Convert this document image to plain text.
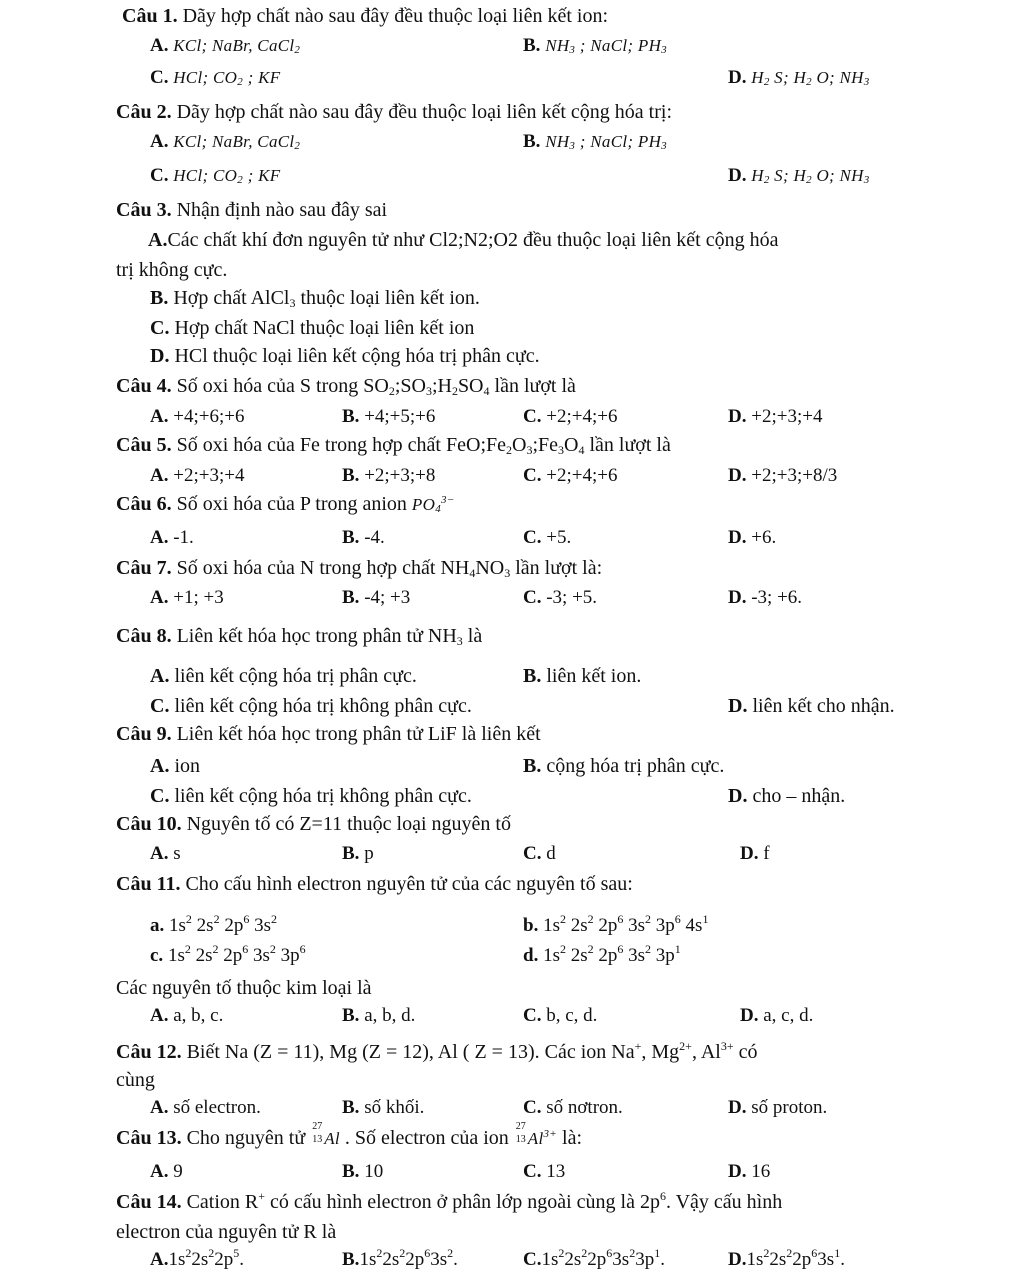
Câu 1. Dãy hợp chất nào sau đây đều thuộc loại liên kết ion:
A. KCl; NaBr, CaCl$_2$	B. $NH_3$ ; NaCl; $PH_3$
C. HCl; $CO_2$ ; KF	D. $H_2$ S; $H_2$ O; $NH_3$
Câu 2. Dãy hợp chất nào sau đây đều thuộc loại liên kết cộng hóa trị:
A. KCl; NaBr, CaCl$_2$	B. $NH_3$ ; NaCl; $PH_3$
C. HCl; $CO_2$ ; KF	D. $H_2$ S; $H_2$ O; $NH_3$
Câu 3. Nhận định nào sau đây sai
A.Các chất khí đơn nguyên tử như Cl2;N2;O2 đều thuộc loại liên kết cộng hóa
trị không cực.
B. Hợp chất AlCl$_3$ thuộc loại liên kết ion.
C. Hợp chất NaCl thuộc loại liên kết ion
D. HCl thuộc loại liên kết cộng hóa trị phân cực.
Câu 4. Số oxi hóa của S trong $SO_2;SO_3;H_2SO_4$ lần lượt là
A. +4;+6;+6	B. +4;+5;+6	C. +2;+4;+6	D. +2;+3;+4
Câu 5. Số oxi hóa của Fe trong hợp chất $FeO;Fe_2O_3;Fe_3O_4$ lần lượt là
A. +2;+3;+4	B. +2;+3;+8	C. +2;+4;+6	D. +2;+3;+8/3
Câu 6. Số oxi hóa của P trong anion $PO_4^{3-}$
A. -1.	B. -4.	C. +5.	D. +6.
Câu 7. Số oxi hóa của N trong hợp chất $NH_4NO_3$ lần lượt là:
A. +1; +3	B. -4; +3	C. -3; +5.	D. -3; +6.
Câu 8. Liên kết hóa học trong phân tử $NH_3$ là
A. liên kết cộng hóa trị phân cực.	B. liên kết ion.
C. liên kết cộng hóa trị không phân cực.	D. liên kết cho nhận.
Câu 9. Liên kết hóa học trong phân tử LiF là liên kết
A. ion	B. cộng hóa trị phân cực.
C. liên kết cộng hóa trị không phân cực.	D. cho – nhận.
Câu 10. Nguyên tố có Z=11 thuộc loại nguyên tố
A. s	B. p	C. d	D. f
Câu 11. Cho cấu hình electron nguyên tử của các nguyên tố sau:
a. $1s^2$ $2s^2$ $2p^6$ $3s^2$	b. $1s^2$ $2s^2$ $2p^6$ $3s^2$ $3p^6$ $4s^1$
c. $1s^2$ $2s^2$ $2p^6$ $3s^2$ $3p^6$	d. $1s^2$ $2s^2$ $2p^6$ $3s^2$ $3p^1$
Các nguyên tố thuộc kim loại là
A. a, b, c.	B. a, b, d.	C. b, c, d.	D. a, c, d.
Câu 12. Biết Na (Z = 11), Mg (Z = 12), Al ( Z = 13). Các ion Na+, $Mg^{2+}$, $Al^{3+}$ có
cùng
A. số electron.	B. số khối.	C. số nơtron.	D. số proton.
Câu 13. Cho nguyên tử
27
13 Al . Số electron của ion
27
13 $Al^{3+}$ là:
A. 9	B. 10	C. 13	D. 16
Câu 14. Cation R+ có cấu hình electron ở phân lớp ngoài cùng là $2p^6$. Vậy cấu hình
electron của nguyên tử R là
$A.1s^22s^22p^5$.	$B.1s^22s^22p^63s^2$.	$C.1s^22s^22p^63s^23p^1$.	$D.1s^22s^22p^63s^1$.
